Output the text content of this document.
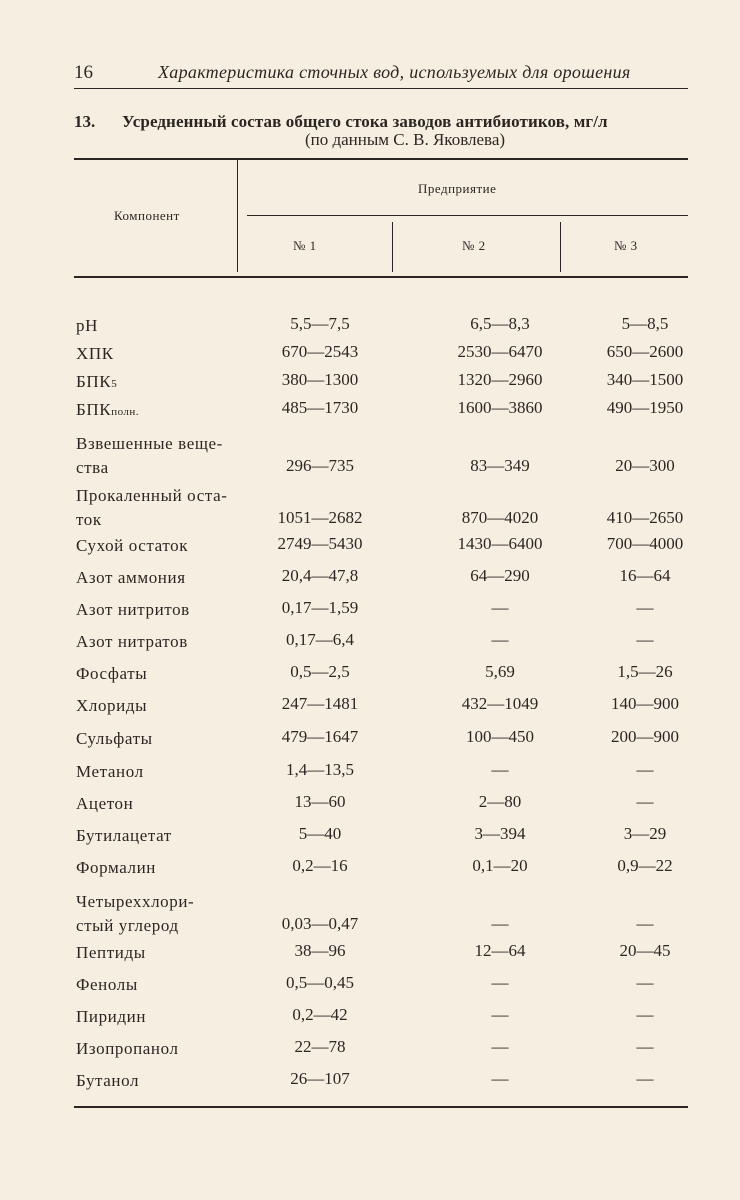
16	Характеристика сточных вод, используемых для орошения
13. Усредненный состав общего стока заводов антибиотиков, мг/л
(по данным С. В. Яковлева)
Компонент
Предприятие
№ 1	№ 2	№ 3
pH	5,5—7,5	6,5—8,3	5—8,5
ХПК	670—2543	2530—6470	650—2600
БПК5	380—1300	1320—2960	340—1500
БПКполн.	485—1730	1600—3860	490—1950
Взвешенные веще-
ства	296—735	83—349	20—300
Прокаленный оста-
ток	1051—2682	870—4020	410—2650
Сухой остаток	2749—5430	1430—6400	700—4000
Азот аммония	20,4—47,8	64—290	16—64
Азот нитритов	0,17—1,59	—	—
Азот нитратов	0,17—6,4	—	—
Фосфаты	0,5—2,5	5,69	1,5—26
Хлориды	247—1481	432—1049	140—900
Сульфаты	479—1647	100—450	200—900
Метанол	1,4—13,5	—	—
Ацетон	13—60	2—80	—
Бутилацетат	5—40	3—394	3—29
Формалин	0,2—16	0,1—20	0,9—22
Четыреххлори-
стый углерод	0,03—0,47	—	—
Пептиды	38—96	12—64	20—45
Фенолы	0,5—0,45	—	—
Пиридин	0,2—42	—	—
Изопропанол	22—78	—	—
Бутанол	26—107	—	—
